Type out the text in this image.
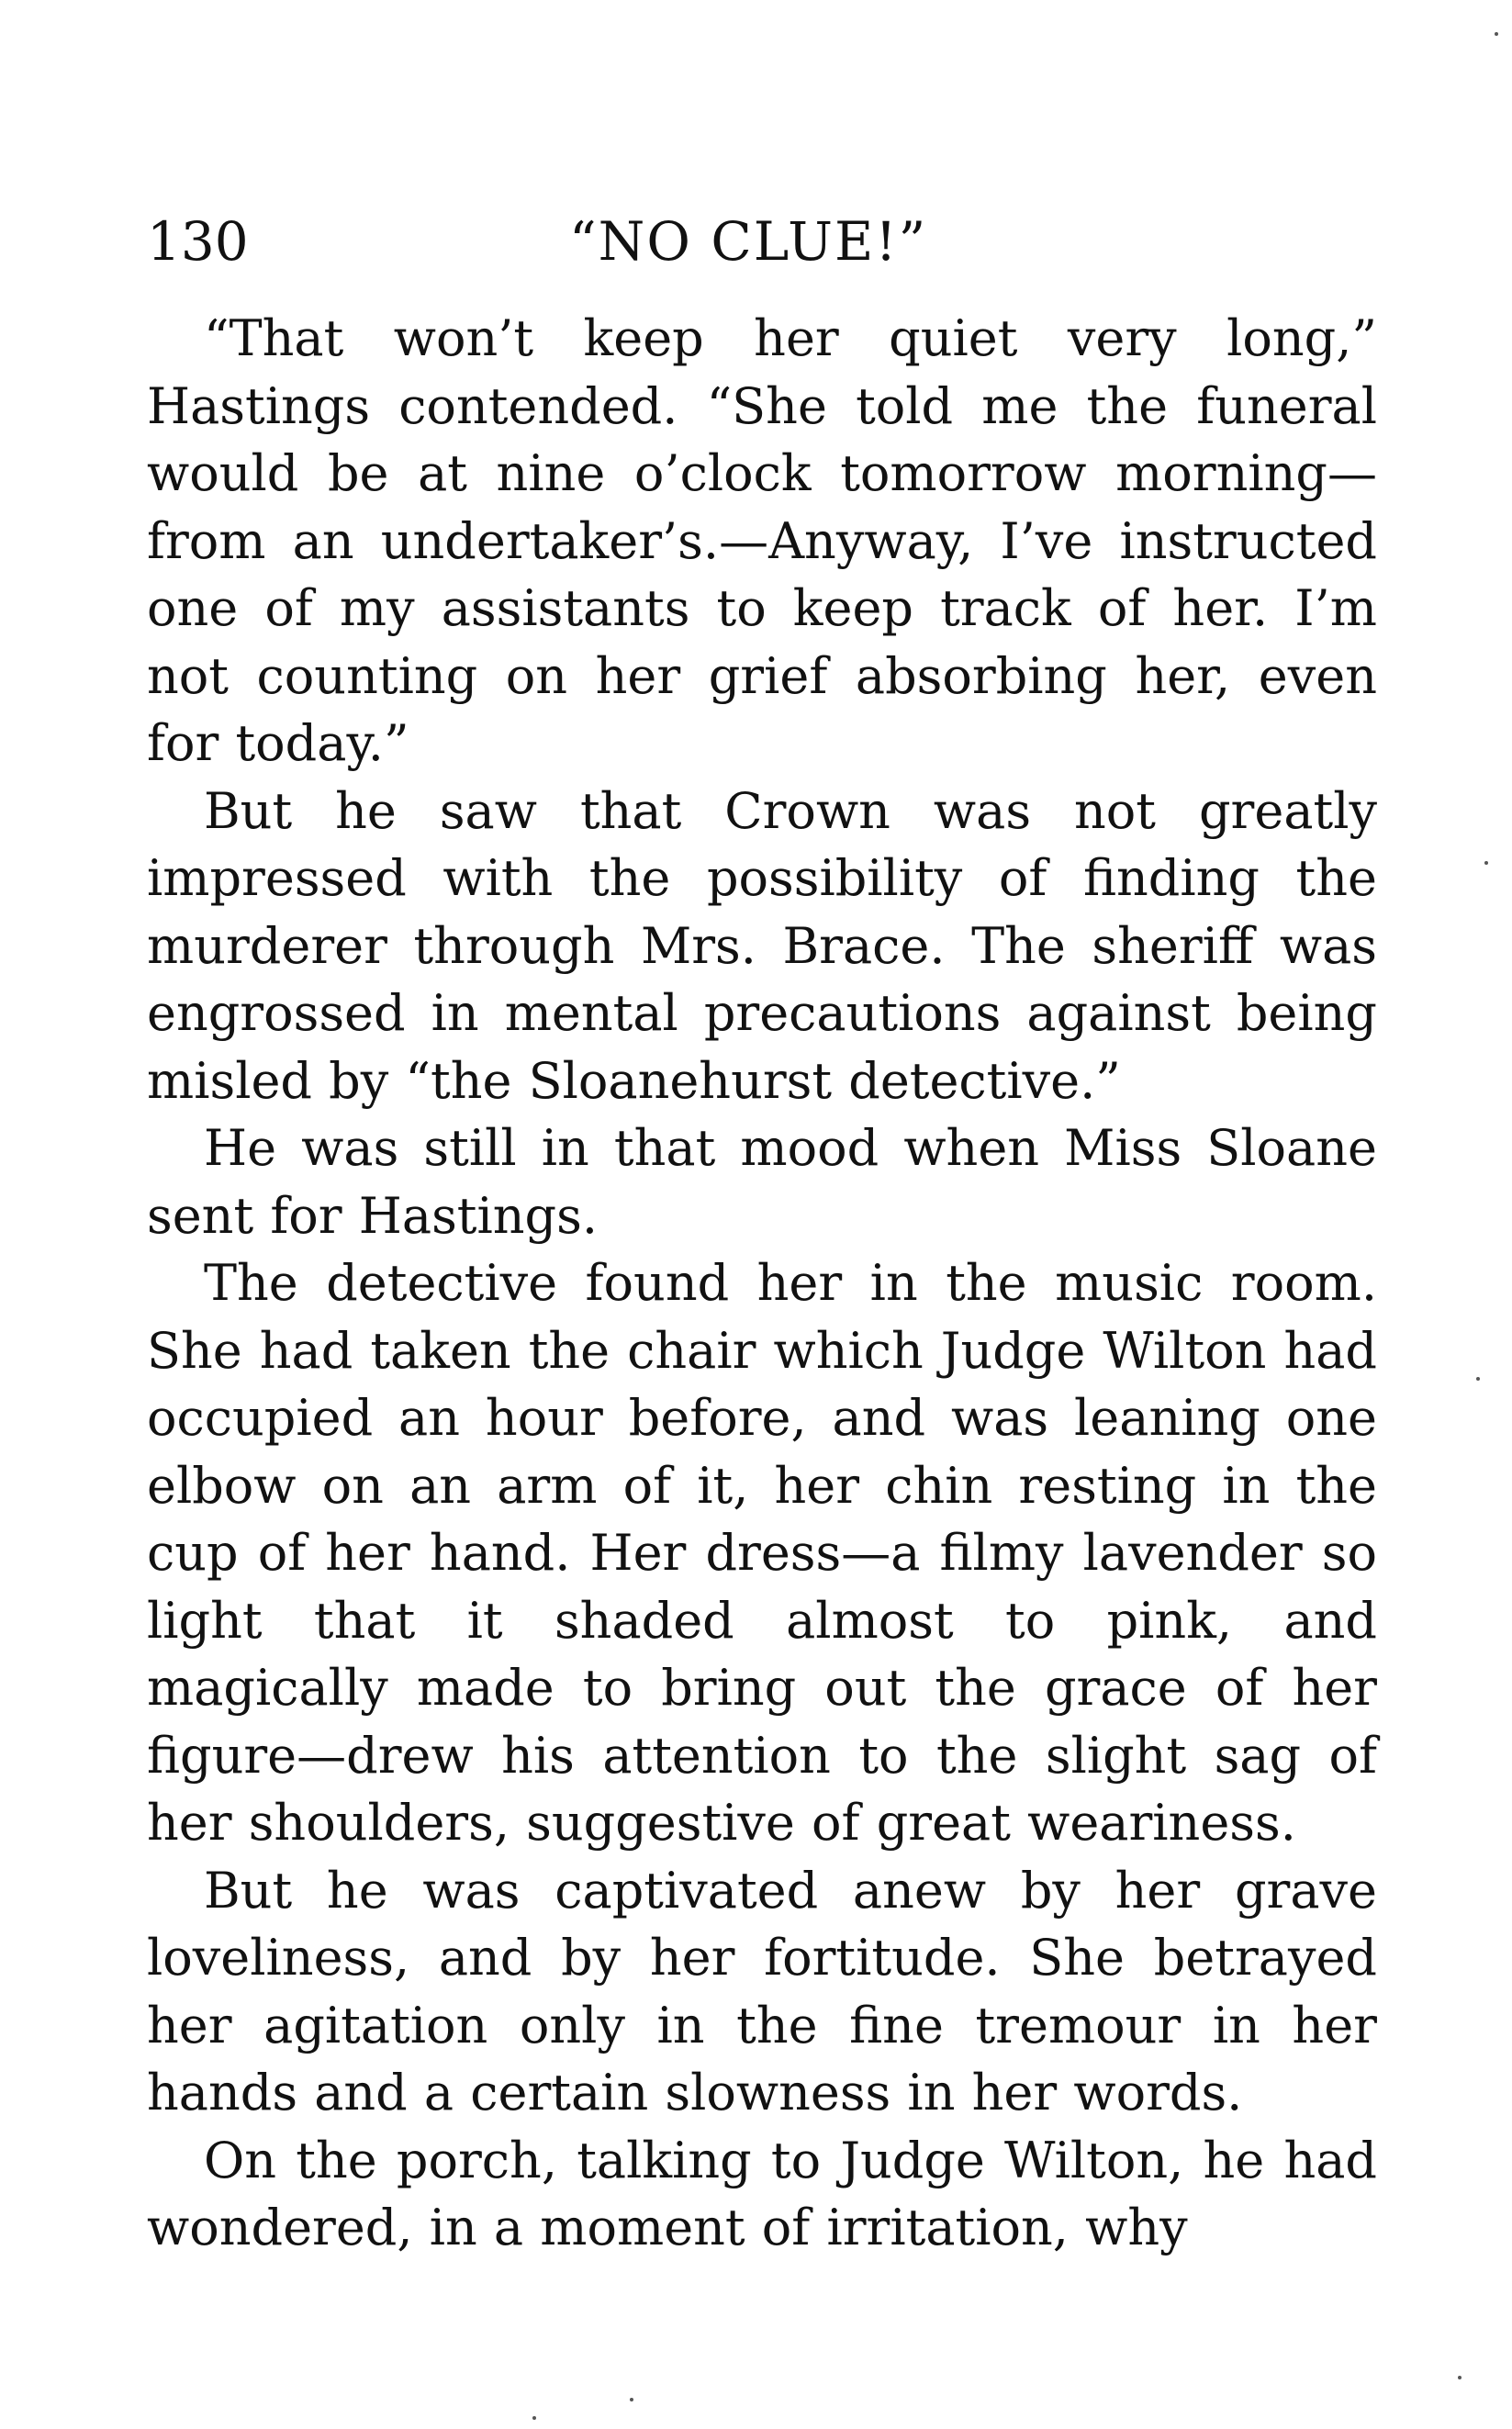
130	“NO CLUE!”

“That won’t keep her quiet very long,” Hastings contended. “She told me the funeral would be at nine o’clock tomorrow morning—from an undertaker’s.—Anyway, I’ve instructed one of my assistants to keep track of her. I’m not counting on her grief absorbing her, even for today.”

But he saw that Crown was not greatly impressed with the possibility of finding the murderer through Mrs. Brace. The sheriff was engrossed in mental precautions against being misled by “the Sloanehurst detective.”

He was still in that mood when Miss Sloane sent for Hastings.

The detective found her in the music room. She had taken the chair which Judge Wilton had occupied an hour before, and was leaning one elbow on an arm of it, her chin resting in the cup of her hand. Her dress—a filmy lavender so light that it shaded almost to pink, and magically made to bring out the grace of her figure—drew his attention to the slight sag of her shoulders, suggestive of great weariness.

But he was captivated anew by her grave loveliness, and by her fortitude. She betrayed her agitation only in the fine tremour in her hands and a certain slowness in her words.

On the porch, talking to Judge Wilton, he had wondered, in a moment of irritation, why
